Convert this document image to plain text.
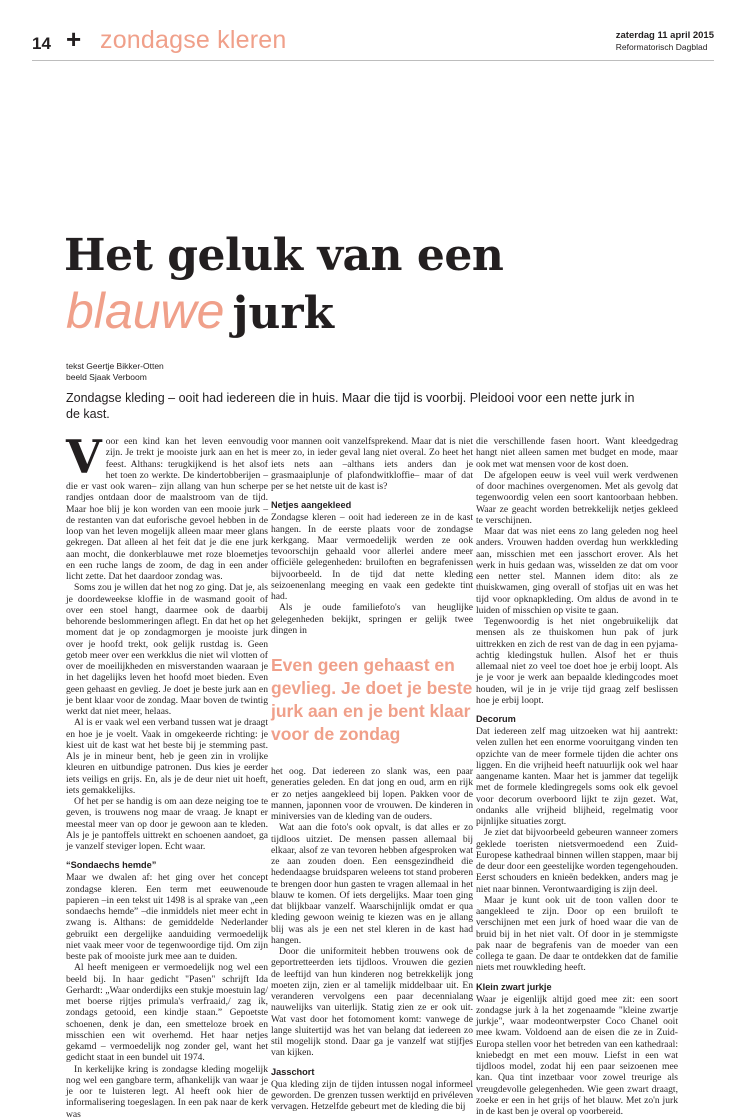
14 + zondagse kleren	zaterdag 11 april 2015
Reformatorisch Dagblad
Het geluk van een
blauwe jurk
tekst Geertje Bikker-Otten
beeld Sjaak Verboom
Zondagse kleding – ooit had iedereen die in huis. Maar die tijd is voorbij. Pleidooi voor een nette jurk in de kast.

Voor een kind kan het leven eenvoudig zijn. Je trekt je mooiste jurk aan en het is feest. Althans: terugkijkend is het alsof het toen zo werkte. De kindertobberijen –die er vast ook waren– zijn allang van hun scherpe randjes ontdaan door de maalstroom van de tijd. Maar hoe blij je kon worden van een mooie jurk – de restanten van dat euforische gevoel hebben in de loop van het leven mogelijk alleen maar meer glans gekregen. Dat alleen al het feit dat je die ene jurk aan mocht, die donkerblauwe met roze bloemetjes en een ruche langs de zoom, de dag in een ander licht zette. Dat het daardoor zondag was.

Soms zou je willen dat het nog zo ging. Dat je, als je doordeweekse kloffie in de wasmand gooit of over een stoel hangt, daarmee ook de daarbij behorende beslommeringen aflegt. En dat het op het moment dat je op zondagmorgen je mooiste jurk over je hoofd trekt, ook gelijk rustdag is. Geen getob meer over een werkklus die niet wil vlotten of over de moeilijkheden en misverstanden waaraan je in het dagelijks leven het hoofd moet bieden. Even geen gehaast en gevlieg. Je doet je beste jurk aan en je bent klaar voor de zondag. Maar boven de twintig werkt dat niet meer, helaas.

Al is er vaak wel een verband tussen wat je draagt en hoe je je voelt. Vaak in omgekeerde richting: je kiest uit de kast wat het beste bij je stemming past. Als je in mineur bent, heb je geen zin in vrolijke kleuren en uitbundige patronen. Dus kies je eerder iets veiligs en grijs. En, als je de deur niet uit hoeft, iets gemakkelijks.

Of het per se handig is om aan deze neiging toe te geven, is trouwens nog maar de vraag. Je knapt er meestal meer van op door je gewoon aan te kleden. Als je je pantoffels uittrekt en schoenen aandoet, ga je vanzelf steviger lopen. Echt waar.

“Sondaechs hemde”

Maar we dwalen af: het ging over het concept zondagse kleren. Een term met eeuwenoude papieren –in een tekst uit 1498 is al sprake van „een sondaechs hemde” –die inmiddels niet meer echt in zwang is. Althans: de gemiddelde Nederlander gebruikt een dergelijke aanduiding vermoedelijk niet vaak meer voor de tegenwoordige tijd. Om zijn beste pak of mooiste jurk mee aan te duiden.

Al heeft menigeen er vermoedelijk nog wel een beeld bij. In haar gedicht "Pasen" schrijft Ida Gerhardt: „Waar onderdijks een stukje moestuin lag/ met boerse rijtjes primula's verfraaid,/ zag ik, zondags getooid, een kindje staan.” Gepoetste schoenen, denk je dan, een smetteloze broek en misschien een wit overhemd. Het haar netjes gekamd – vermoedelijk nog zonder gel, want het gedicht staat in een bundel uit 1974.

In kerkelijke kring is zondagse kleding mogelijk nog wel een gangbare term, afhankelijk van waar je je oor te luisteren legt. Al heeft ook hier de informalisering toegeslagen. In een pak naar de kerk was

voor mannen ooit vanzelfsprekend. Maar dat is niet meer zo, in ieder geval lang niet overal. Zo heet het iets nets aan –althans iets anders dan je grasmaaiplunje of plafondwitkloffie– maar of dat per se het netste uit de kast is?

Netjes aangekleed

Zondagse kleren – ooit had iedereen ze in de kast hangen. In de eerste plaats voor de zondagse kerkgang. Maar vermoedelijk werden ze ook tevoorschijn gehaald voor allerlei andere meer officiële gelegenheden: bruiloften en begrafenissen bijvoorbeeld. In de tijd dat nette kleding seizoenenlang meeging en vaak een gedekte tint had.

Als je oude familiefoto's van heuglijke gelegenheden bekijkt, springen er gelijk twee dingen in

Even geen gehaast en gevlieg. Je doet je beste jurk aan en je bent klaar voor de zondag

het oog. Dat iedereen zo slank was, een paar generaties geleden. En dat jong en oud, arm en rijk er zo netjes aangekleed bij lopen. Pakken voor de mannen, japonnen voor de vrouwen. De kinderen in miniversies van de kleding van de ouders.

Wat aan die foto's ook opvalt, is dat alles er zo tijdloos uitziet. De mensen passen allemaal bij elkaar, alsof ze van tevoren hebben afgesproken wat ze aan zouden doen. Een eensgezindheid die hedendaagse bruidsparen weleens tot stand proberen te brengen door hun gasten te vragen allemaal in het blauw te komen. Of iets dergelijks. Maar toen ging dat blijkbaar vanzelf. Waarschijnlijk omdat er qua kleding gewoon weinig te kiezen was en je allang blij was als je een net stel kleren in de kast had hangen.

Door die uniformiteit hebben trouwens ook de geportretteerden iets tijdloos. Vrouwen die gezien de leeftijd van hun kinderen nog betrekkelijk jong moeten zijn, zien er al tamelijk middelbaar uit. En veranderen vervolgens een paar decennialang nauwelijks van uiterlijk. Statig zien ze er ook uit. Wat vast door het fotomoment komt: vanwege de lange sluitertijd was het van belang dat iedereen zo stil mogelijk stond. Daar ga je vanzelf wat stijfjes van kijken.

Jasschort

Qua kleding zijn de tijden intussen nogal informeel geworden. De grenzen tussen werktijd en privéleven vervagen. Hetzelfde gebeurt met de kleding die bij

die verschillende fasen hoort. Want kleedgedrag hangt niet alleen samen met budget en mode, maar ook met wat mensen voor de kost doen.

De afgelopen eeuw is veel vuil werk verdwenen of door machines overgenomen. Met als gevolg dat tegenwoordig velen een soort kantoorbaan hebben. Waar ze geacht worden betrekkelijk netjes gekleed te verschijnen.

Maar dat was niet eens zo lang geleden nog heel anders. Vrouwen hadden overdag hun werkkleding aan, misschien met een jasschort erover. Als het werk in huis gedaan was, wisselden ze dat om voor een netter stel. Mannen idem dito: als ze thuiskwamen, ging overall of stofjas uit en was het tijd voor opknapkleding. Om aldus de avond in te luiden of misschien op visite te gaan.

Tegenwoordig is het niet ongebruikelijk dat mensen als ze thuiskomen hun pak of jurk uittrekken en zich de rest van de dag in een pyjama-achtig kledingstuk hullen. Alsof het er thuis allemaal niet zo veel toe doet hoe je erbij loopt. Als je je voor je werk aan bepaalde kledingcodes moet houden, wil je in je vrije tijd graag zelf beslissen hoe je erbij loopt.

Decorum

Dat iedereen zelf mag uitzoeken wat hij aantrekt: velen zullen het een enorme vooruitgang vinden ten opzichte van de meer formele tijden die achter ons liggen. En die vrijheid heeft natuurlijk ook wel haar aangename kanten. Maar het is jammer dat tegelijk met de formele kledingregels soms ook elk gevoel voor decorum overboord lijkt te zijn gezet. Wat, ondanks alle vrijheid blijheid, regelmatig voor pijnlijke situaties zorgt.

Je ziet dat bijvoorbeeld gebeuren wanneer zomers geklede toeristen nietsvermoedend een Zuid-Europese kathedraal binnen willen stappen, maar bij de deur door een geestelijke worden tegengehouden. Eerst schouders en knieën bedekken, anders mag je niet naar binnen. Verontwaardiging is zijn deel.

Maar je kunt ook uit de toon vallen door te aangekleed te zijn. Door op een bruiloft te verschijnen met een jurk of hoed waar die van de bruid bij in het niet valt. Of door in je stemmigste pak naar de begrafenis van de moeder van een collega te gaan. De daar te ontdekken dat de familie niets met rouwkleding heeft.

Klein zwart jurkje

Waar je eigenlijk altijd goed mee zit: een soort zondagse jurk à la het zogenaamde "kleine zwartje jurkje", waar modeontwerpster Coco Chanel ooit mee kwam. Voldoend aan de eisen die ze in Zuid-Europa stellen voor het betreden van een kathedraal: kniebedgt en met een mouw. Liefst in een wat tijdloos model, zodat hij een paar seizoenen mee kan. Qua tint inzetbaar voor zowel treurige als vreugdevolle gelegenheden. Wie geen zwart draagt, zoeke er een in het grijs of het blauw. Met zo'n jurk in de kast ben je overal op voorbereid.
